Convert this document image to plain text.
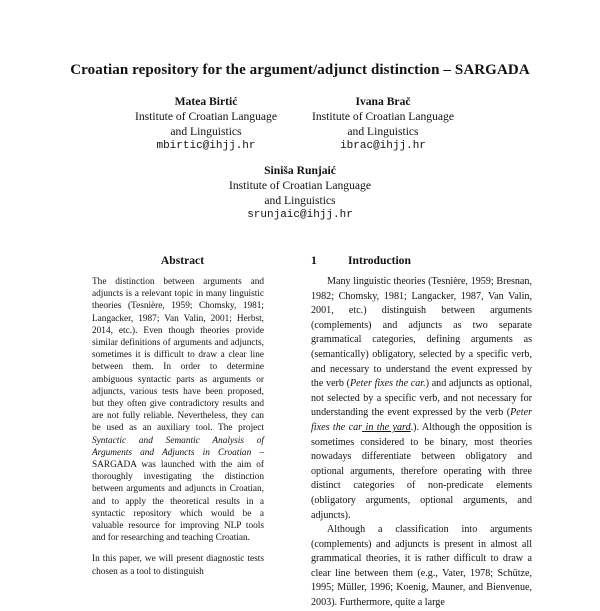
Croatian repository for the argument/adjunct distinction – SARGADA
Matea Birtić
Institute of Croatian Language
and Linguistics
mbirtic@ihjj.hr
Ivana Brač
Institute of Croatian Language
and Linguistics
ibrac@ihjj.hr
Siniša Runjaić
Institute of Croatian Language
and Linguistics
srunjaic@ihjj.hr
Abstract	1	Introduction

The distinction between arguments and adjuncts is a relevant topic in many linguistic theories (Tesnière, 1959; Chomsky, 1981; Langacker, 1987; Van Valin, 2001; Herbst, 2014, etc.). Even though theories provide similar definitions of arguments and adjuncts, sometimes it is difficult to draw a clear line between them. In order to determine ambiguous syntactic parts as arguments or adjuncts, various tests have been proposed, but they often give contradictory results and are not fully reliable. Nevertheless, they can be used as an auxiliary tool. The project Syntactic and Semantic Analysis of Arguments and Adjuncts in Croatian – SARGADA was launched with the aim of thoroughly investigating the distinction between arguments and adjuncts in Croatian, and to apply the theoretical results in a syntactic repository which would be a valuable resource for improving NLP tools and for researching and teaching Croatian.

In this paper, we will present diagnostic tests chosen as a tool to distinguish

Many linguistic theories (Tesnière, 1959; Bresnan, 1982; Chomsky, 1981; Langacker, 1987, Van Valin, 2001, etc.) distinguish between arguments (complements) and adjuncts as two separate grammatical categories, defining arguments as (semantically) obligatory, selected by a specific verb, and necessary to understand the event expressed by the verb (Peter fixes the car.) and adjuncts as optional, not selected by a specific verb, and not necessary for understanding the event expressed by the verb (Peter fixes the car in the yard.). Although the opposition is sometimes considered to be binary, most theories nowadays differentiate between obligatory and optional arguments, therefore operating with three distinct categories of non-predicate elements (obligatory arguments, optional arguments, and adjuncts).

Although a classification into arguments (complements) and adjuncts is present in almost all grammatical theories, it is rather difficult to draw a clear line between them (e.g., Vater, 1978; Schütze, 1995; Müller, 1996; Koenig, Mauner, and Bienvenue, 2003). Furthermore, quite a large
